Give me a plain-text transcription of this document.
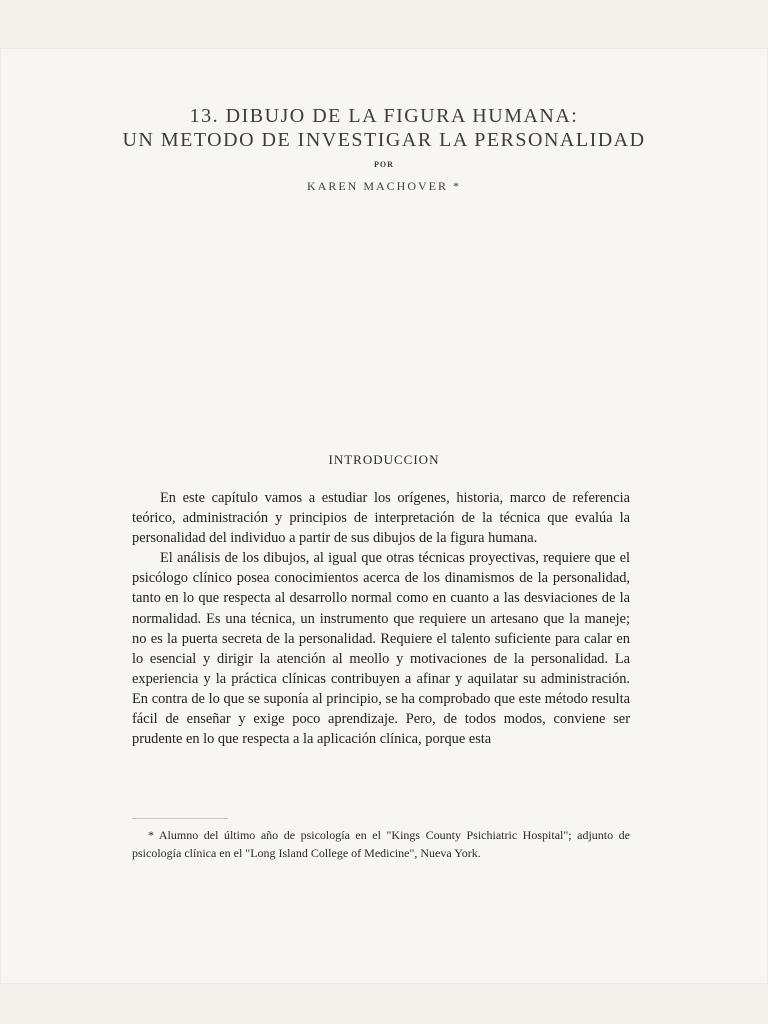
13. DIBUJO DE LA FIGURA HUMANA:
UN METODO DE INVESTIGAR LA PERSONALIDAD
POR
KAREN MACHOVER *
INTRODUCCION

En este capítulo vamos a estudiar los orígenes, historia, marco de referencia teórico, administración y principios de interpretación de la técnica que evalúa la personalidad del individuo a partir de sus dibujos de la figura humana.

El análisis de los dibujos, al igual que otras técnicas proyectivas, requiere que el psicólogo clínico posea conocimientos acerca de los dinamismos de la personalidad, tanto en lo que respecta al desarrollo normal como en cuanto a las desviaciones de la normalidad. Es una técnica, un instrumento que requiere un artesano que la maneje; no es la puerta secreta de la personalidad. Requiere el talento suficiente para calar en lo esencial y dirigir la atención al meollo y motivaciones de la personalidad. La experiencia y la práctica clínicas contribuyen a afinar y aquilatar su administración. En contra de lo que se suponía al principio, se ha comprobado que este método resulta fácil de enseñar y exige poco aprendizaje. Pero, de todos modos, conviene ser prudente en lo que respecta a la aplicación clínica, porque esta

* Alumno del último año de psicología en el "Kings County Psichiatric Hospital"; adjunto de psicología clínica en el "Long Island College of Medicine", Nueva York.
